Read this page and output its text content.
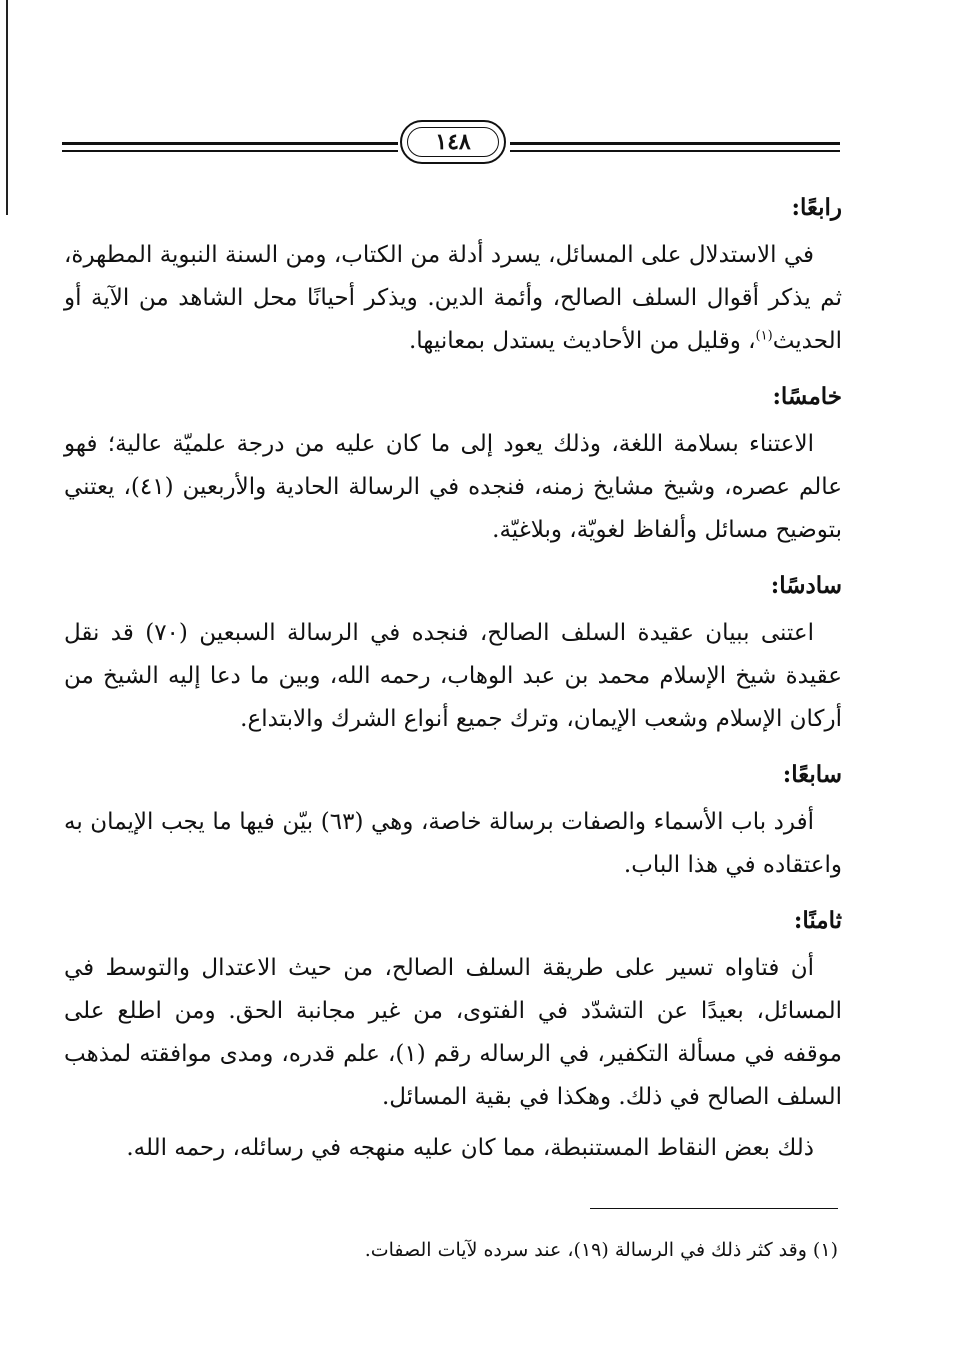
١٤٨

رابعًا:

في الاستدلال على المسائل، يسرد أدلة من الكتاب، ومن السنة النبوية المطهرة، ثم يذكر أقوال السلف الصالح، وأئمة الدين. ويذكر أحيانًا محل الشاهد من الآية أو الحديث$^{(١)}$، وقليل من الأحاديث يستدل بمعانيها.

خامسًا:

الاعتناء بسلامة اللغة، وذلك يعود إلى ما كان عليه من درجة علميّة عالية؛ فهو عالم عصره، وشيخ مشايخ زمنه، فنجده في الرسالة الحادية والأربعين (٤١)، يعتني بتوضيح مسائل وألفاظ لغويّة، وبلاغيّة.

سادسًا:

اعتنى ببيان عقيدة السلف الصالح، فنجده في الرسالة السبعين (٧٠) قد نقل عقيدة شيخ الإسلام محمد بن عبد الوهاب، رحمه الله، وبين ما دعا إليه الشيخ من أركان الإسلام وشعب الإيمان، وترك جميع أنواع الشرك والابتداع.

سابعًا:

أفرد باب الأسماء والصفات برسالة خاصة، وهي (٦٣) بيّن فيها ما يجب الإيمان به واعتقاده في هذا الباب.

ثامنًا:

أن فتاواه تسير على طريقة السلف الصالح، من حيث الاعتدال والتوسط في المسائل، بعيدًا عن التشدّد في الفتوى، من غير مجانبة الحق. ومن اطلع على موقفه في مسألة التكفير، في الرساله رقم (١)، علم قدره، ومدى موافقته لمذهب السلف الصالح في ذلك. وهكذا في بقية المسائل.

ذلك بعض النقاط المستنبطة، مما كان عليه منهجه في رسائله، رحمه الله.

(١) وقد كثر ذلك في الرسالة (١٩)، عند سرده لآيات الصفات.
